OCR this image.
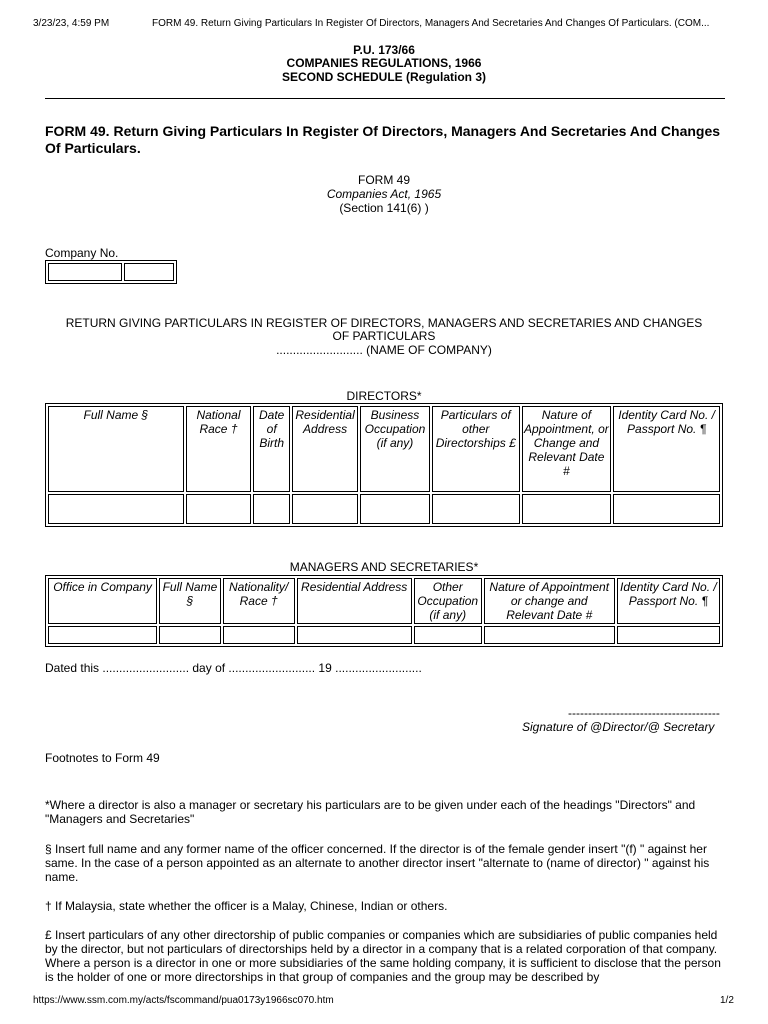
3/23/23, 4:59 PM	FORM 49. Return Giving Particulars In Register Of Directors, Managers And Secretaries And Changes Of Particulars. (COM...
P.U. 173/66
COMPANIES REGULATIONS, 1966
SECOND SCHEDULE (Regulation 3)
FORM 49. Return Giving Particulars In Register Of Directors, Managers And Secretaries And Changes Of Particulars.
FORM 49
Companies Act, 1965
(Section 141(6) )
Company No.

RETURN GIVING PARTICULARS IN REGISTER OF DIRECTORS, MANAGERS AND SECRETARIES AND CHANGES
OF PARTICULARS
.......................... (NAME OF COMPANY)
DIRECTORS*
Full Name §	National Race †	Date of Birth	Residential Address	Business Occupation (if any)	Particulars of other Directorships £	Nature of Appointment, or Change and Relevant Date #	Identity Card No. / Passport No. ¶

MANAGERS AND SECRETARIES*
Office in Company	Full Name §	Nationality/ Race †	Residential Address	Other Occupation (if any)	Nature of Appointment or change and Relevant Date #	Identity Card No. / Passport No. ¶

Dated this .......................... day of .......................... 19 ..........................
--------------------------------------
Signature of @Director/@ Secretary
Footnotes to Form 49
*Where a director is also a manager or secretary his particulars are to be given under each of the headings "Directors" and "Managers and Secretaries"
§ Insert full name and any former name of the officer concerned. If the director is of the female gender insert "(f) " against her same. In the case of a person appointed as an alternate to another director insert "alternate to (name of director) " against his name.
† If Malaysia, state whether the officer is a Malay, Chinese, Indian or others.
£ Insert particulars of any other directorship of public companies or companies which are subsidiaries of public companies held by the director, but not particulars of directorships held by a director in a company that is a related corporation of that company. Where a person is a director in one or more subsidiaries of the same holding company, it is sufficient to disclose that the person is the holder of one or more directorships in that group of companies and the group may be described by
https://www.ssm.com.my/acts/fscommand/pua0173y1966sc070.htm	1/2
